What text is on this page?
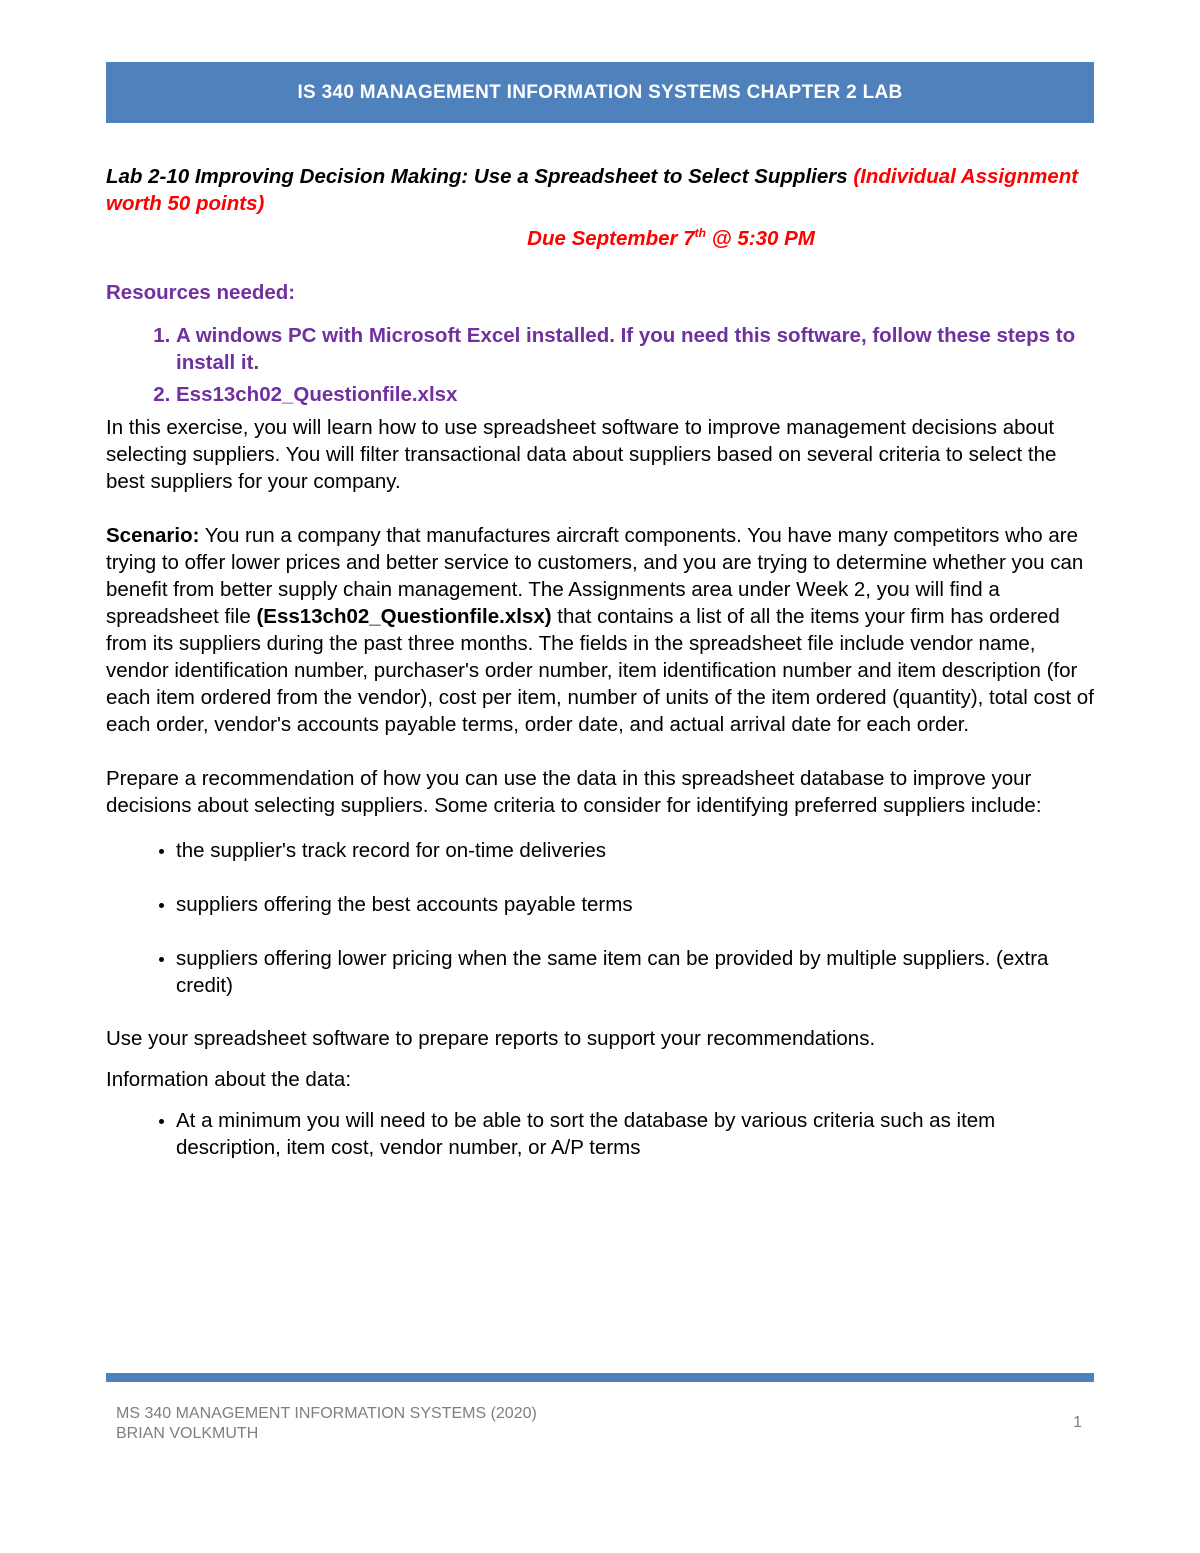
IS 340 MANAGEMENT INFORMATION SYSTEMS CHAPTER 2 LAB

Lab 2-10 Improving Decision Making: Use a Spreadsheet to Select Suppliers (Individual Assignment worth 50 points)

Due September 7th @ 5:30 PM

Resources needed:

1. A windows PC with Microsoft Excel installed. If you need this software, follow these steps to install it.
2. Ess13ch02_Questionfile.xlsx

In this exercise, you will learn how to use spreadsheet software to improve management decisions about selecting suppliers. You will filter transactional data about suppliers based on several criteria to select the best suppliers for your company.

Scenario: You run a company that manufactures aircraft components. You have many competitors who are trying to offer lower prices and better service to customers, and you are trying to determine whether you can benefit from better supply chain management. The Assignments area under Week 2, you will find a spreadsheet file (Ess13ch02_Questionfile.xlsx) that contains a list of all the items your firm has ordered from its suppliers during the past three months. The fields in the spreadsheet file include vendor name, vendor identification number, purchaser's order number, item identification number and item description (for each item ordered from the vendor), cost per item, number of units of the item ordered (quantity), total cost of each order, vendor's accounts payable terms, order date, and actual arrival date for each order.

Prepare a recommendation of how you can use the data in this spreadsheet database to improve your decisions about selecting suppliers. Some criteria to consider for identifying preferred suppliers include:

• the supplier's track record for on-time deliveries
• suppliers offering the best accounts payable terms
• suppliers offering lower pricing when the same item can be provided by multiple suppliers. (extra credit)

Use your spreadsheet software to prepare reports to support your recommendations.

Information about the data:

• At a minimum you will need to be able to sort the database by various criteria such as item description, item cost, vendor number, or A/P terms
MS 340 MANAGEMENT INFORMATION SYSTEMS (2020)
BRIAN VOLKMUTH
1
